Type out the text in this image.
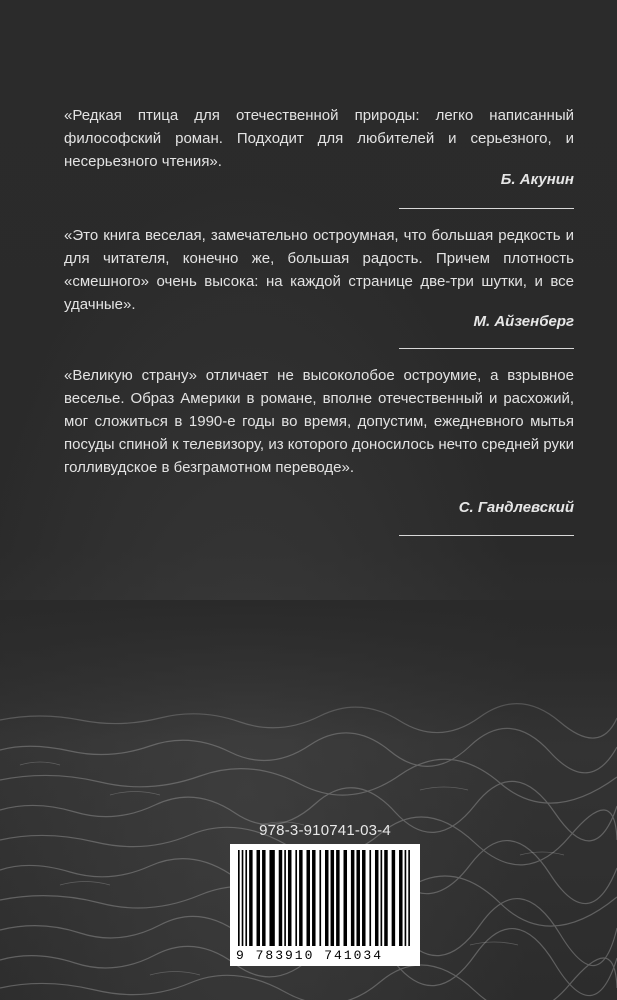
«Редкая птица для отечественной природы: легко написанный философский роман. Подходит для любителей и серьезного, и несерьезного чтения».

Б. Акунин

«Это книга веселая, замечательно остроумная, что большая редкость и для читателя, конечно же, большая радость. Причем плотность «смешного» очень высока: на каждой странице две-три шутки, и все удачные».

М. Айзенберг

«Великую страну» отличает не высоколобое остроумие, а взрывное веселье. Образ Америки в романе, вполне отечественный и расхожий, мог сложиться в 1990-е годы во время, допустим, ежедневного мытья посуды спиной к телевизору, из которого доносилось нечто средней руки голливудское в безграмотном переводе».

С. Гандлевский
978-3-910741-03-4
9 783910 741034
